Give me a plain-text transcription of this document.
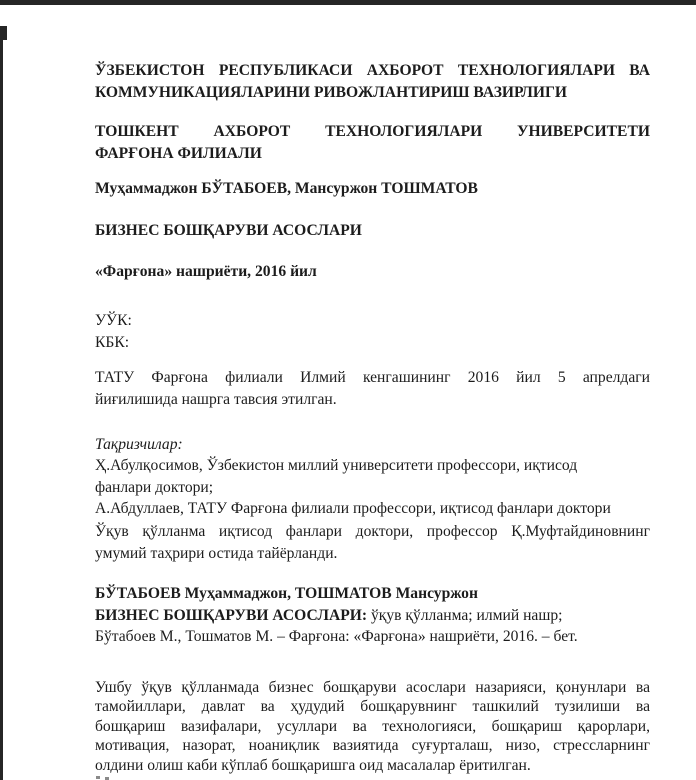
ЎЗБЕКИСТОН РЕСПУБЛИКАСИ АХБОРОТ ТЕХНОЛОГИЯЛАРИ ВА
КОММУНИКАЦИЯЛАРИНИ РИВОЖЛАНТИРИШ ВАЗИРЛИГИ

ТОШКЕНТ АХБОРОТ ТЕХНОЛОГИЯЛАРИ УНИВЕРСИТЕТИ
ФАРҒОНА ФИЛИАЛИ

Муҳаммаджон БЎТАБОЕВ, Мансуржон ТОШМАТОВ

БИЗНЕС БОШҚАРУВИ АСОСЛАРИ

«Фарғона» нашриёти, 2016 йил

УЎК:
КБК:

ТАТУ Фарғона филиали Илмий кенгашининг 2016 йил 5 апрелдаги
йиғилишида нашрга тавсия этилган.

Тақризчилар:
Ҳ.Абулқосимов, Ўзбекистон миллий университети профессори, иқтисод
фанлари доктори;
А.Абдуллаев, ТАТУ Фарғона филиали профессори, иқтисод фанлари доктори

Ўқув қўлланма иқтисод фанлари доктори, профессор Қ.Муфтайдиновнинг
умумий таҳрири остида тайёрланди.

БЎТАБОЕВ Муҳаммаджон, ТОШМАТОВ Мансуржон
БИЗНЕС БОШҚАРУВИ АСОСЛАРИ: ўқув қўлланма; илмий нашр;
Бўтабоев М., Тошматов М. – Фарғона: «Фарғона» нашриёти, 2016. – бет.

Ушбу ўқув қўлланмада бизнес бошқаруви асослари назарияси, қонунлари ва
тамойиллари, давлат ва ҳудудий бошқарувнинг ташкилий тузилиши ва
бошқариш вазифалари, усуллари ва технологияси, бошқариш қарорлари,
мотивация, назорат, ноаниқлик вазиятида суғурталаш, низо, стрессларнинг
олдини олиш каби кўплаб бошқаришга оид масалалар ёритилган.
